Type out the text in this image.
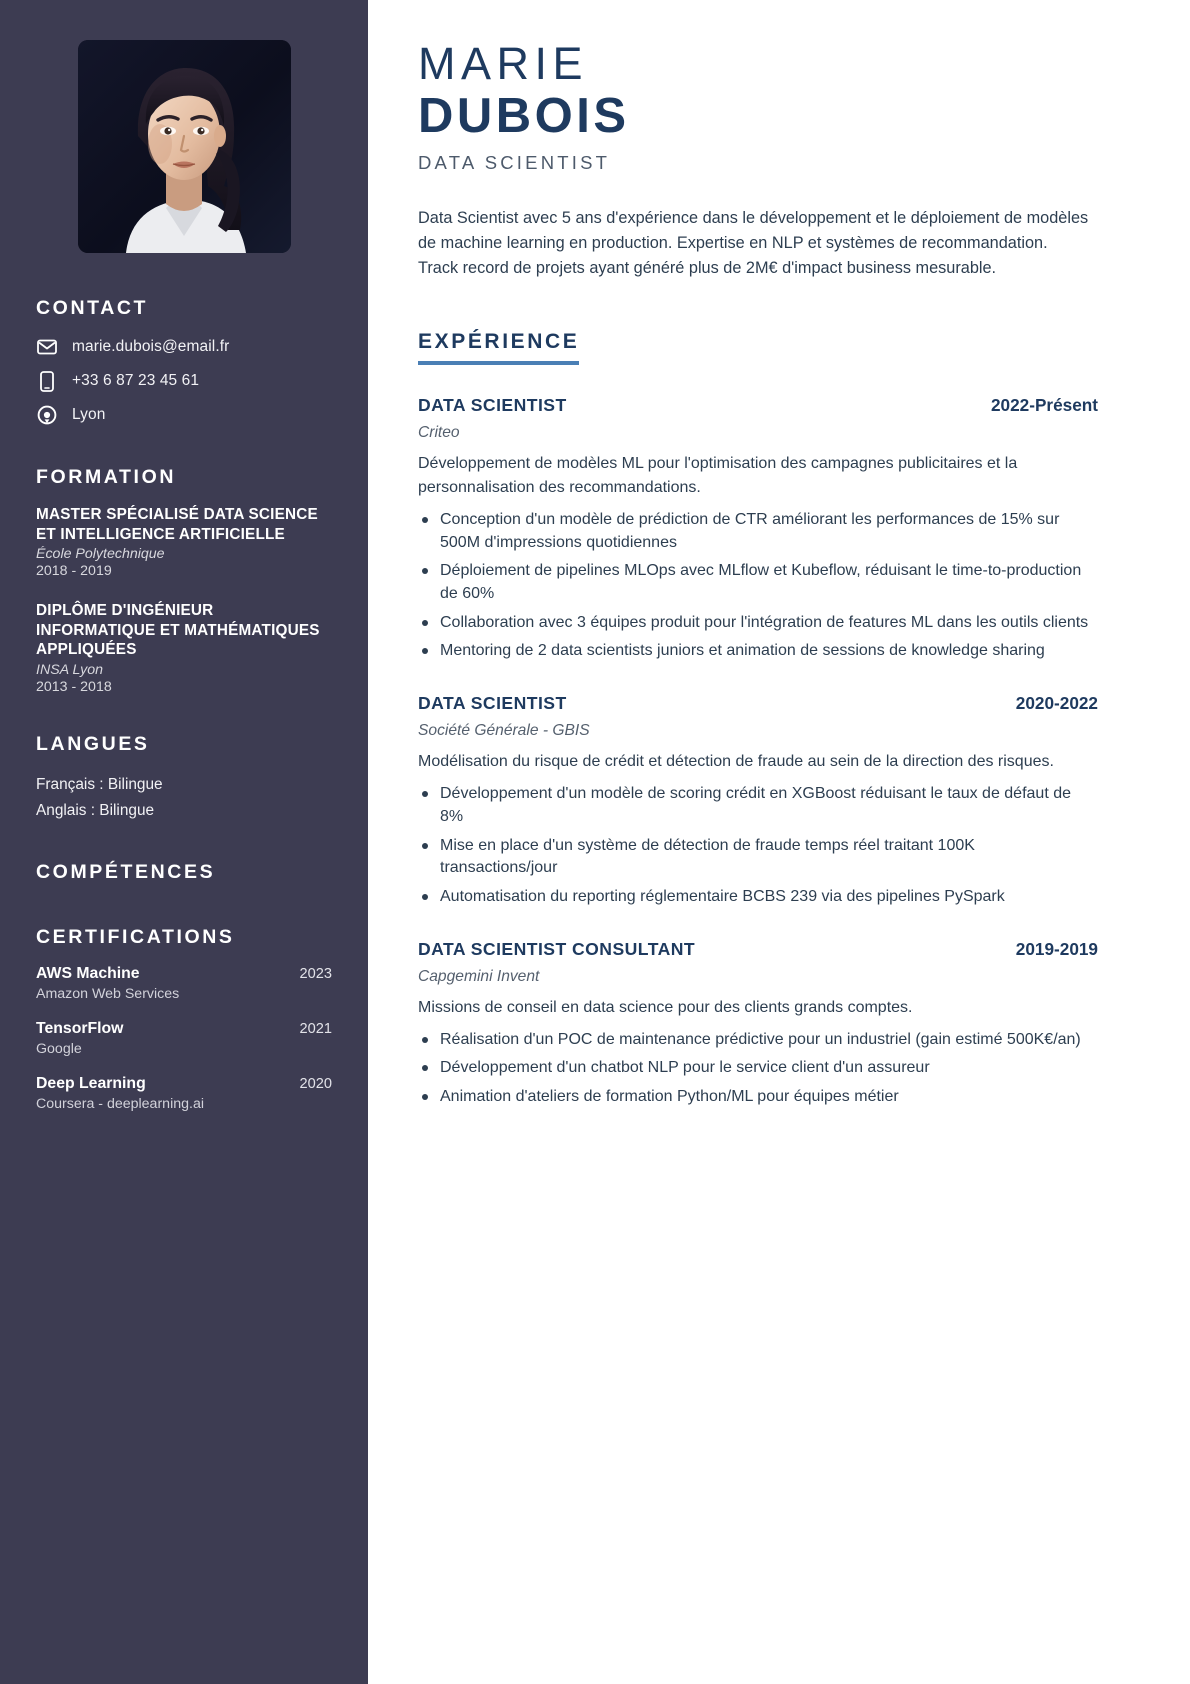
CONTACT
marie.dubois@email.fr
+33 6 87 23 45 61
Lyon
FORMATION
MASTER SPÉCIALISÉ DATA SCIENCE ET INTELLIGENCE ARTIFICIELLE
École Polytechnique
2018 - 2019
DIPLÔME D'INGÉNIEUR INFORMATIQUE ET MATHÉMATIQUES APPLIQUÉES
INSA Lyon
2013 - 2018
LANGUES
Français : Bilingue
Anglais : Bilingue
COMPÉTENCES
CERTIFICATIONS
AWS Machine	2023
Amazon Web Services
TensorFlow	2021
Google
Deep Learning	2020
Coursera - deeplearning.ai
MARIE
DUBOIS
DATA SCIENTIST

Data Scientist avec 5 ans d'expérience dans le développement et le déploiement de modèles de machine learning en production. Expertise en NLP et systèmes de recommandation. Track record de projets ayant généré plus de 2M€ d'impact business mesurable.

EXPÉRIENCE
DATA SCIENTIST	2022-Présent
Criteo
Développement de modèles ML pour l'optimisation des campagnes publicitaires et la personnalisation des recommandations.
Conception d'un modèle de prédiction de CTR améliorant les performances de 15% sur 500M d'impressions quotidiennes
Déploiement de pipelines MLOps avec MLflow et Kubeflow, réduisant le time-to-production de 60%
Collaboration avec 3 équipes produit pour l'intégration de features ML dans les outils clients
Mentoring de 2 data scientists juniors et animation de sessions de knowledge sharing
DATA SCIENTIST	2020-2022
Société Générale - GBIS
Modélisation du risque de crédit et détection de fraude au sein de la direction des risques.
Développement d'un modèle de scoring crédit en XGBoost réduisant le taux de défaut de 8%
Mise en place d'un système de détection de fraude temps réel traitant 100K transactions/jour
Automatisation du reporting réglementaire BCBS 239 via des pipelines PySpark
DATA SCIENTIST CONSULTANT	2019-2019
Capgemini Invent
Missions de conseil en data science pour des clients grands comptes.
Réalisation d'un POC de maintenance prédictive pour un industriel (gain estimé 500K€/an)
Développement d'un chatbot NLP pour le service client d'un assureur
Animation d'ateliers de formation Python/ML pour équipes métier
